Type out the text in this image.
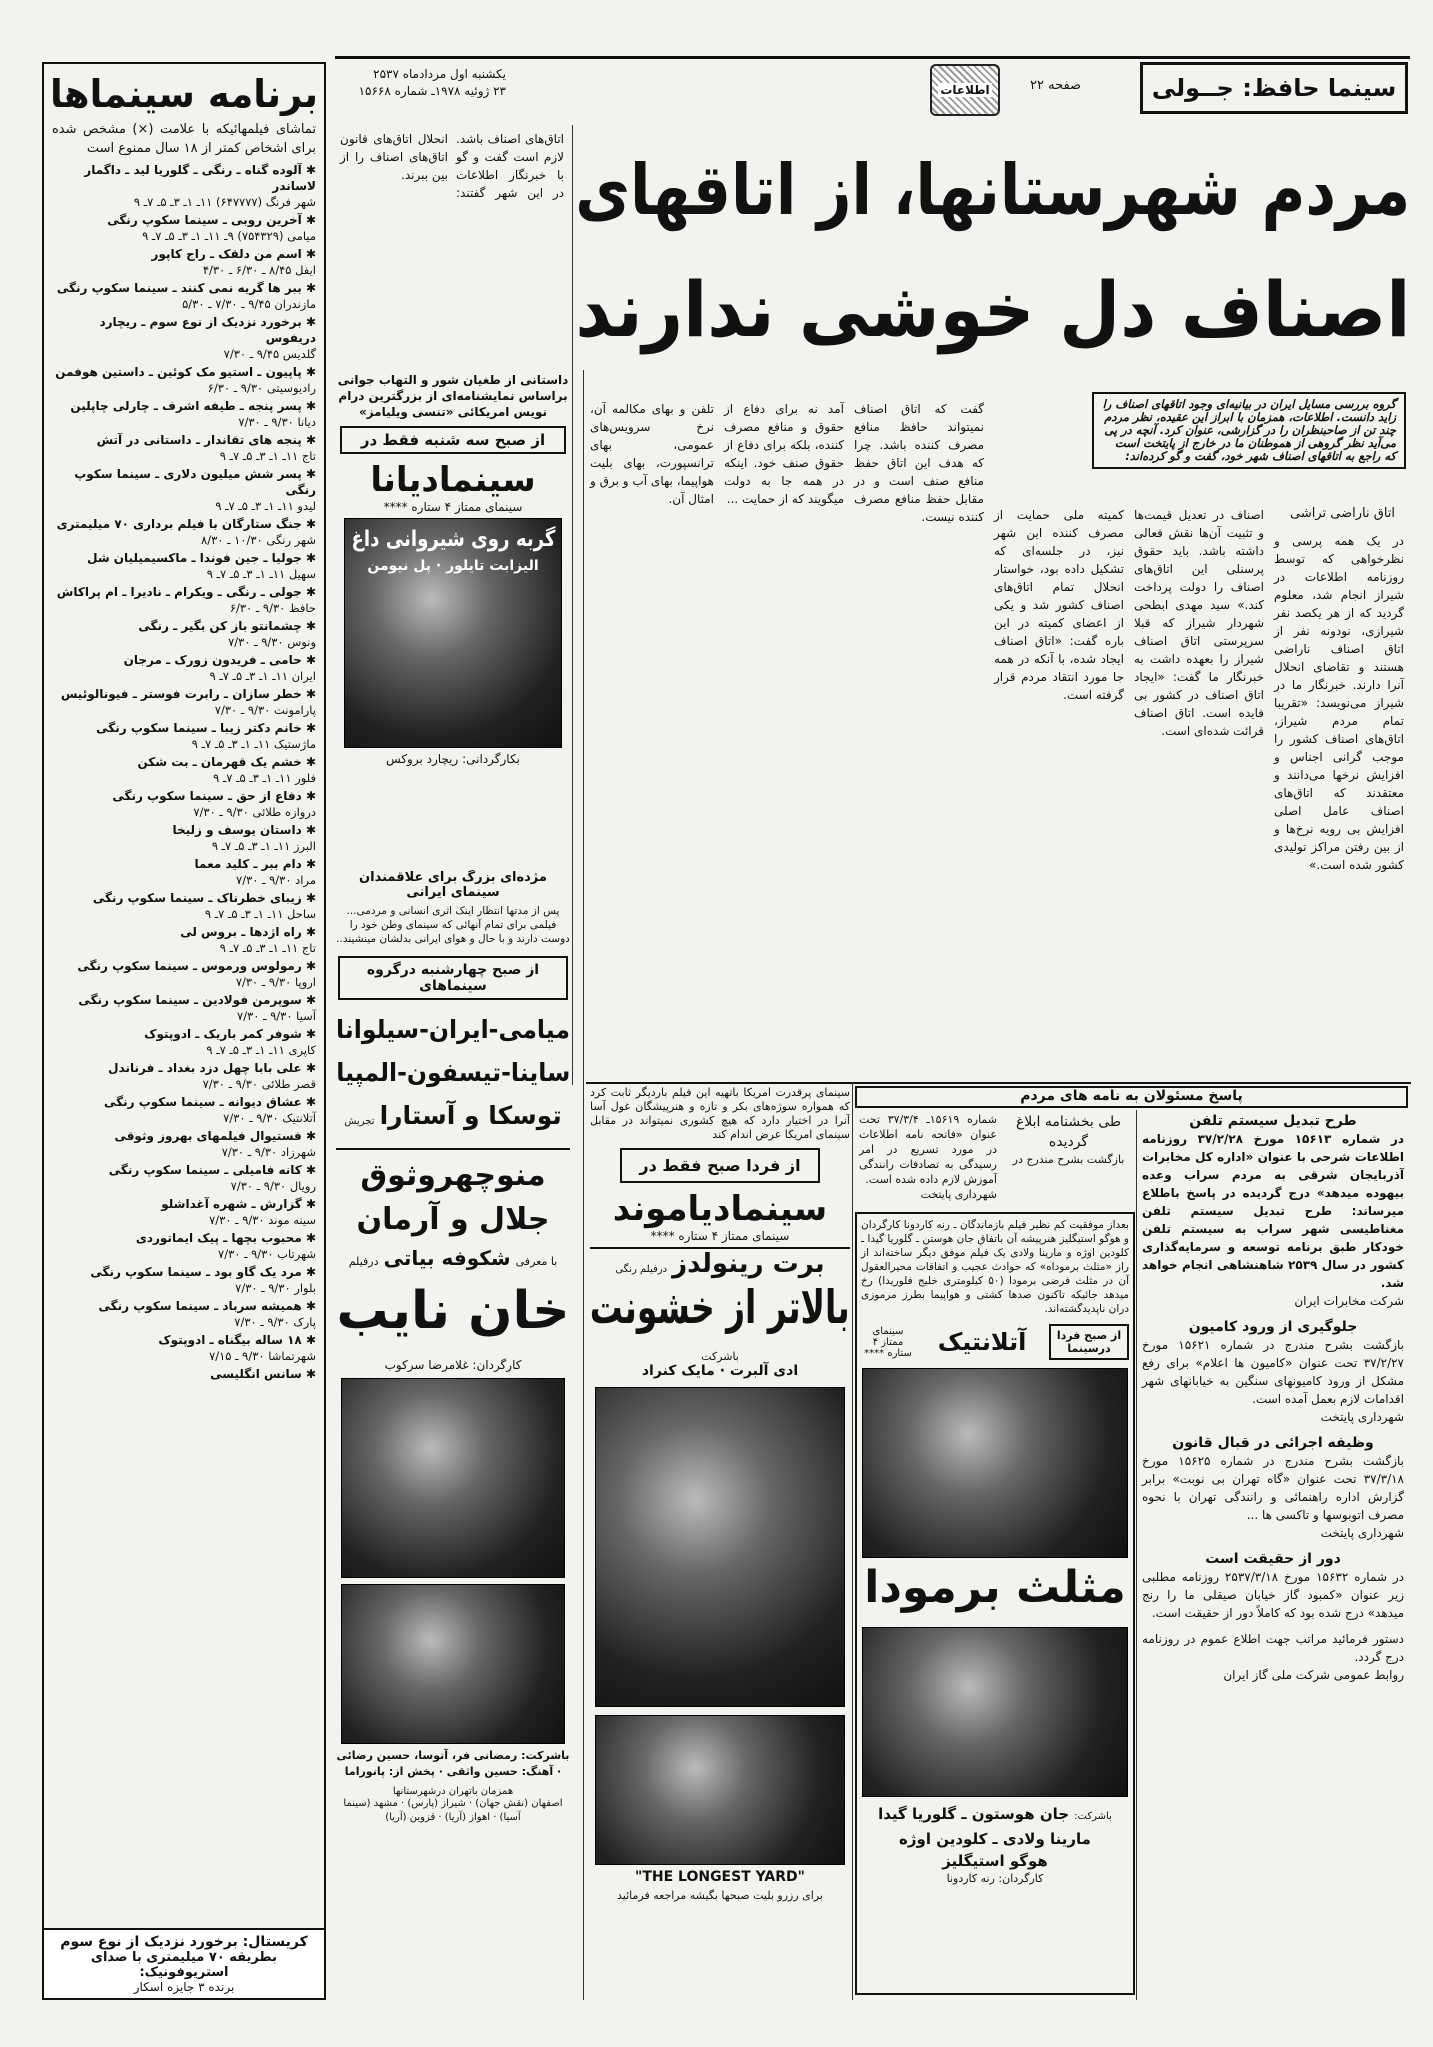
سینما حافظ: جــولی
صفحه ۲۲
اطلاعات
یکشنبه اول مردادماه ۲۵۳۷
۲۳ ژوئیه ۱۹۷۸ـ شماره ۱۵۶۶۸
برنامه سینماها
تماشای فیلمهائیکه با علامت (×) مشخص شده برای اشخاص کمتر از ۱۸ سال ممنوع است
✱ آلوده گناه ـ رنگی ـ گلوریا لید ـ داگمار لاساندر
شهر فرنگ (۶۴۷۷۷۷) ۱۱ـ ۱ـ ۳ـ ۵ـ ۷ـ ۹
✱ آخرین روبی ـ سینما سکوپ رنگی
میامی (۷۵۴۳۲۹) ۹ـ ۱۱ـ ۱ـ ۳ـ ۵ـ ۷ـ ۹
✱ اسم من دلقک ـ راج کاپور
ایفل ۸/۴۵ ـ ۶/۳۰ ـ ۴/۳۰
✱ ببر ها گریه نمی کنند ـ سینما سکوپ رنگی
مازندران ۹/۴۵ ـ ۷/۳۰ ـ ۵/۳۰
✱ برخورد نزدیک از نوع سوم ـ ریچارد دریفوس
گلدیس ۹/۴۵ ـ ۷/۳۰
✱ پاپیون ـ استیو مک کوئین ـ داستین هوفمن
رادیوسیتی ۹/۳۰ ـ ۶/۳۰
✱ پسر پنجه ـ طیفه اشرف ـ چارلی چاپلین
دیانا ۹/۳۰ ـ ۷/۳۰
✱ پنجه های تقاندار ـ داستانی در آتش
تاج ۱۱ـ ۱ـ ۳ـ ۵ـ ۷ـ ۹
✱ پسر شش میلیون دلاری ـ سینما سکوپ رنگی
لیدو ۱۱ـ ۱ـ ۳ـ ۵ـ ۷ـ ۹
✱ جنگ ستارگان با فیلم برداری ۷۰ میلیمتری
شهر رنگی ۱۰/۳۰ ـ ۸/۳۰
✱ جولیا ـ جین فوندا ـ ماکسیمیلیان شل
سهیل ۱۱ـ ۱ـ ۳ـ ۵ـ ۷ـ ۹
✱ جولی ـ رنگی ـ ویکرام ـ نادیرا ـ ام پراکاش
حافظ ۹/۳۰ ـ ۶/۳۰
✱ چشمانتو باز کن بگیر ـ رنگی
ونوس ۹/۳۰ ـ ۷/۳۰
✱ حامی ـ فریدون زورک ـ مرجان
ایران ۱۱ـ ۱ـ ۳ـ ۵ـ ۷ـ ۹
✱ خطر سازان ـ رابرت فوستر ـ فیونالوئیس
پارامونت ۹/۳۰ ـ ۷/۳۰
✱ خانم دکتر زیبا ـ سینما سکوپ رنگی
ماژستیک ۱۱ـ ۱ـ ۳ـ ۵ـ ۷ـ ۹
✱ خشم یک قهرمان ـ بت شکن
فلور ۱۱ـ ۱ـ ۳ـ ۵ـ ۷ـ ۹
✱ دفاع از حق ـ سینما سکوپ رنگی
دروازه طلائی ۹/۳۰ ـ ۷/۳۰
✱ داستان یوسف و زلیخا
البرز ۱۱ـ ۱ـ ۳ـ ۵ـ ۷ـ ۹
✱ دام ببر ـ کلید معما
مراد ۹/۳۰ ـ ۷/۳۰
✱ زیبای خطرناک ـ سینما سکوپ رنگی
ساحل ۱۱ـ ۱ـ ۳ـ ۵ـ ۷ـ ۹
✱ راه اژدها ـ بروس لی
تاج ۱۱ـ ۱ـ ۳ـ ۵ـ ۷ـ ۹
✱ رمولوس ورموس ـ سینما سکوپ رنگی
اروپا ۹/۳۰ ـ ۷/۳۰
✱ سوپرمن فولادین ـ سینما سکوپ رنگی
آسیا ۹/۳۰ ـ ۷/۳۰
✱ شوفر کمر باریک ـ ادوپتوک
کاپری ۱۱ـ ۱ـ ۳ـ ۵ـ ۷ـ ۹
✱ علی بابا چهل دزد بغداد ـ فرناندل
قصر طلائی ۹/۳۰ ـ ۷/۳۰
✱ عشاق دیوانه ـ سینما سکوپ رنگی
آتلانتیک ۹/۳۰ ـ ۷/۳۰
✱ فستیوال فیلمهای بهروز وثوقی
شهرزاد ۹/۳۰ ـ ۷/۳۰
✱ کانه فامیلی ـ سینما سکوپ رنگی
رویال ۹/۳۰ ـ ۷/۳۰
✱ گزارش ـ شهره آغداشلو
سینه موند ۹/۳۰ ـ ۷/۳۰
✱ محبوب بچها ـ پیک ایماتوردی
شهرتاب ۹/۳۰ ـ ۷/۳۰
✱ مرد یک گاو بود ـ سینما سکوپ رنگی
بلوار ۹/۳۰ ـ ۷/۳۰
✱ همیشه سرباد ـ سینما سکوپ رنگی
پارک ۹/۳۰ ـ ۷/۳۰
✱ ۱۸ ساله بیگناه ـ ادوپتوک
شهرتماشا ۹/۳۰ ـ ۷/۱۵
✱ سانس انگلیسی
کریستال: برخورد نزدیک از نوع سوم
بطریقه ۷۰ میلیمتری با صدای استریوفونیک:
برنده ۳ جایزه اسکار
مردم شهرستانها، از اتاقهای
اصناف دل خوشی ندارند
اتاق‌های اصناف باشد. لازم است گفت و گو با خبرنگار اطلاعات در این شهر گفتند: انحلال اتاق‌های قانون اتاق‌های اصناف را از بین ببرند.
گروه بررسی مسایل ایران در بیانیه‌ای وجود اتاقهای اصناف را زاید دانست. اطلاعات، همزمان با ابراز این عقیده، نظر مردم چند تن از صاحبنظران را در گزارشی، عنوان کرد. آنچه در پی می‌آید نظر گروهی از هموطنان ما در خارج از پایتخت است که راجع به اتاقهای اصناف شهر خود، گفت و گو کرده‌اند:
اتاق ناراضی تراشی
در یک همه پرسی و نظرخواهی که توسط روزنامه اطلاعات در شیراز انجام شد، معلوم گردید که از هر یکصد نفر شیرازی، نودونه نفر از اتاق اصناف ناراضی هستند و تقاضای انحلال آنرا دارند. خبرنگار ما در شیراز می‌نویسد: «تقریبا تمام مردم شیراز، اتاق‌های اصناف کشور را موجب گرانی اجناس و افزایش نرخها می‌دانند و معتقدند که اتاق‌های اصناف عامل اصلی افزایش بی رویه نرخ‌ها و از بین رفتن مراکز تولیدی کشور شده است.»
اصناف در تعدیل قیمت‌ها و تثبیت آن‌ها نقش فعالی داشته باشد. باید حقوق پرسنلی این اتاق‌های اصناف را دولت پرداخت کند.» سید مهدی ابطحی شهردار شیراز که قبلا سرپرستی اتاق اصناف شیراز را بعهده داشت به خبرنگار ما گفت: «ایجاد اتاق اصناف در کشور بی فایده است. اتاق اصناف قرائت شده‌ای است.
کمیته ملی حمایت از مصرف کننده این شهر نیز، در جلسه‌ای که تشکیل داده بود، خواستار انحلال تمام اتاق‌های اصناف کشور شد و یکی از اعضای کمیته در این باره گفت: «اتاق اصناف ایجاد شده، با آنکه در همه جا مورد انتقاد مردم قرار گرفته است.
گفت که اتاق اصناف نمیتواند حافظ منافع مصرف کننده باشد. چرا که هدف این اتاق حفظ منافع صنف است و در مقابل حفظ منافع مصرف کننده نیست.
آمد نه برای دفاع از حقوق و منافع مصرف کننده، بلکه برای دفاع از حقوق صنف خود. اینکه در همه جا به دولت میگویند که از حمایت ...
تلفن و بهای مکالمه آن، نرخ سرویس‌های عمومی، بهای ترانسپورت، بهای بلیت هواپیما، بهای آب و برق و امثال آن.
داستانی از طغیان شور و التهاب جوانی براساس نمایشنامه‌ای از بزرگترین درام نویس امریکائی «تنسی ویلیامز»
از صبح سه شنبه فقط در
سینمادیانا
سینمای ممتاز ۴ ستاره ****
گربه روی شیروانی داغ
الیزابت تایلور · پل نیومن
بکارگردانی: ریچارد بروکس
مژده‌ای بزرگ برای علاقمندان سینمای ایرانی
پس از مدتها انتظار اینک اثری انسانی و مردمی... فیلمی برای تمام آنهائی که سینمای وطن خود را دوست دارند و با حال و هوای ایرانی بدلشان مینشیند..
از صبح چهارشنبه درگروه سینماهای
میامی-ایران-سیلوانا
ساینا-تیسفون-المپیا
توسکا و آستارا تجریش
منوچهروثوق
جلال و آرمان
با معرفی شکوفه بیاتی درفیلم
خان نایب
کارگردان: غلامرضا سرکوب
باشرکت: رمضانی فر، آتوسا، حسین رضائی · آهنگ: حسین واثقی · پخش از: پانوراما
همزمان باتهران درشهرستانها
اصفهان (نقش جهان) · شیراز (پارس) · مشهد (سینما آسیا) · اهواز (آریا) · قزوین (آریا)
سینمای پرقدرت امریکا باتهیه این فیلم باردیگر ثابت کرد که همواره سوژه‌های بکر و تازه و هنرپیشگان غول آسا آنرا در اختیار دارد که هیچ کشوری نمیتواند در مقابل سینمای امریکا عرض اندام کند
از فردا صبح فقط در
سینمادیاموند
سینمای ممتاز ۴ ستاره ****
برت رینولدز درفیلم رنگی
بالاتر از خشونت
باشرکت
ادی آلبرت · مایک کنراد
"THE LONGEST YARD"
برای رزرو بلیت صبحها بگیشه مراجعه فرمائید
پاسخ مسئولان به نامه های مردم
طرح تبدیل سیستم تلفن
در شماره ۱۵۶۱۳ مورخ ۳۷/۲/۲۸ روزنامه اطلاعات شرحی با عنوان «اداره کل مخابرات آذربایجان شرقی به مردم سراب وعده بیهوده میدهد» درج گردیده در پاسخ باطلاع میرساند: طرح تبدیل سیستم تلفن مغناطیسی شهر سراب به سیستم تلفن خودکار طبق برنامه توسعه و سرمایه‌گذاری کشور در سال ۲۵۳۹ شاهنشاهی انجام خواهد شد.
شرکت مخابرات ایران
جلوگیری از ورود کامیون
بازگشت بشرح مندرج در شماره ۱۵۶۲۱ مورخ ۳۷/۲/۲۷ تحت عنوان «کامیون ها اعلام» برای رفع مشکل از ورود کامیونهای سنگین به خیابانهای شهر اقدامات لازم بعمل آمده است.
شهرداری پایتخت
وظیفه اجرائی در قبال قانون
بازگشت بشرح مندرج در شماره ۱۵۶۲۵ مورخ ۳۷/۳/۱۸ تحت عنوان «گاه تهران بی نوبت» برابر گزارش اداره راهنمائی و رانندگی تهران با نحوه مصرف اتوبوسها و تاکسی ها ...
شهرداری پایتخت
دور از حقیقت است
در شماره ۱۵۶۳۲ مورخ ۲۵۳۷/۳/۱۸ روزنامه مطلبی زیر عنوان «کمبود گاز خیابان صیقلی ما را رنج میدهد» درج شده بود که کاملاً دور از حقیقت است.
دستور فرمائید مراتب جهت اطلاع عموم در روزنامه درج گردد.
روابط عمومی شرکت ملی گاز ایران
طی بخشنامه ابلاغ گردیده
بازگشت بشرح مندرج در
شماره ۱۵۶۱۹ـ ۳۷/۳/۴ تحت عنوان «فاتحه نامه اطلاعات در مورد تسریع در امر رسیدگی به تصادفات رانندگی آموزش لازم داده شده است.
شهرداری پایتخت
بعداز موفقیت کم نظیر فیلم بازماندگان ـ رنه کاردونا کارگردان و هوگو استیگلیز هنرپیشه آن باتفاق جان هوستن ـ گلوریا گیدا ـ کلودین اوژه و مارینا ولادی یک فیلم موفق دیگر ساخته‌اند از راز «مثلث برموداه» که حوادث عجیب و اتفاقات محیرالعقول آن در مثلث فرضی برمودا (۵۰ کیلومتری خلیج فلوریدا) رخ میدهد جائیکه تاکنون صدها کشتی و هواپیما بطرز مرموزی دران ناپدیدگشته‌اند.
از صبح فردا درسینما
آتلانتیک
سینمای ممتاز ۴ ستاره ****
مثلث برمودا
باشرکت: جان هوستون ـ گلوریا گیدا
مارینا ولادی ـ کلودین اوژه
هوگو استیگلیز
کارگردان: رنه کاردونا
